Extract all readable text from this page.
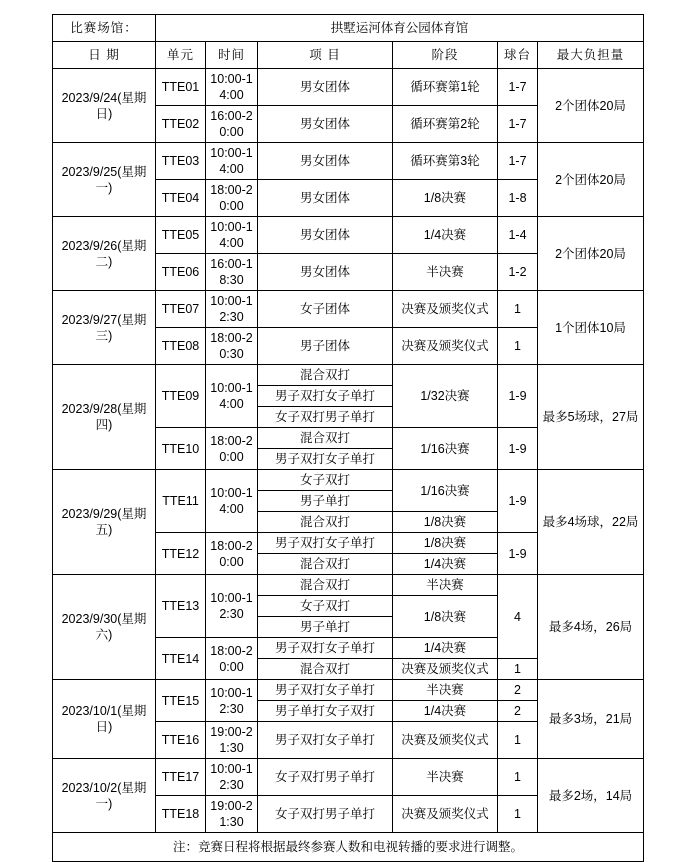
比赛场馆：	拱墅运河体育公园体育馆					
日 期	单元	时间	项 目	阶段	球台	最大负担量
2023/9/24(星期日)	TTE01	10:00-14:00	男女团体	循环赛第1轮	1-7	2个团体20局
	TTE02	16:00-20:00	男女团体	循环赛第2轮	1-7	
2023/9/25(星期一)	TTE03	10:00-14:00	男女团体	循环赛第3轮	1-7	2个团体20局
	TTE04	18:00-20:00	男女团体	1/8决赛	1-8	
2023/9/26(星期二)	TTE05	10:00-14:00	男女团体	1/4决赛	1-4	2个团体20局
	TTE06	16:00-18:30	男女团体	半决赛	1-2	
2023/9/27(星期三)	TTE07	10:00-12:30	女子团体	决赛及颁奖仪式	1	1个团体10局
	TTE08	18:00-20:30	男子团体	决赛及颁奖仪式	1	
2023/9/28(星期四)	TTE09	10:00-14:00	混合双打	1/32决赛	1-9	最多5场球，27局
			男子双打女子单打			
			女子双打男子单打			
	TTE10	18:00-20:00	混合双打	1/16决赛	1-9	
			男子双打女子单打			
2023/9/29(星期五)	TTE11	10:00-14:00	女子双打	1/16决赛	1-9	最多4场球，22局
			男子单打			
			混合双打	1/8决赛		
	TTE12	18:00-20:00	男子双打女子单打	1/8决赛	1-9	
			混合双打	1/4决赛		
2023/9/30(星期六)	TTE13	10:00-12:30	混合双打	半决赛	4	最多4场，26局
			女子双打	1/8决赛		
			男子单打			
	TTE14	18:00-20:00	男子双打女子单打	1/4决赛		
			混合双打	决赛及颁奖仪式	1	
2023/10/1(星期日)	TTE15	10:00-12:30	男子双打女子单打	半决赛	2	最多3场，21局
			男子单打女子双打	1/4决赛	2	
	TTE16	19:00-21:30	男子双打女子单打	决赛及颁奖仪式	1	
2023/10/2(星期一)	TTE17	10:00-12:30	女子双打男子单打	半决赛	1	最多2场，14局
	TTE18	19:00-21:30	女子双打男子单打	决赛及颁奖仪式	1	
注：竞赛日程将根据最终参赛人数和电视转播的要求进行调整。						
